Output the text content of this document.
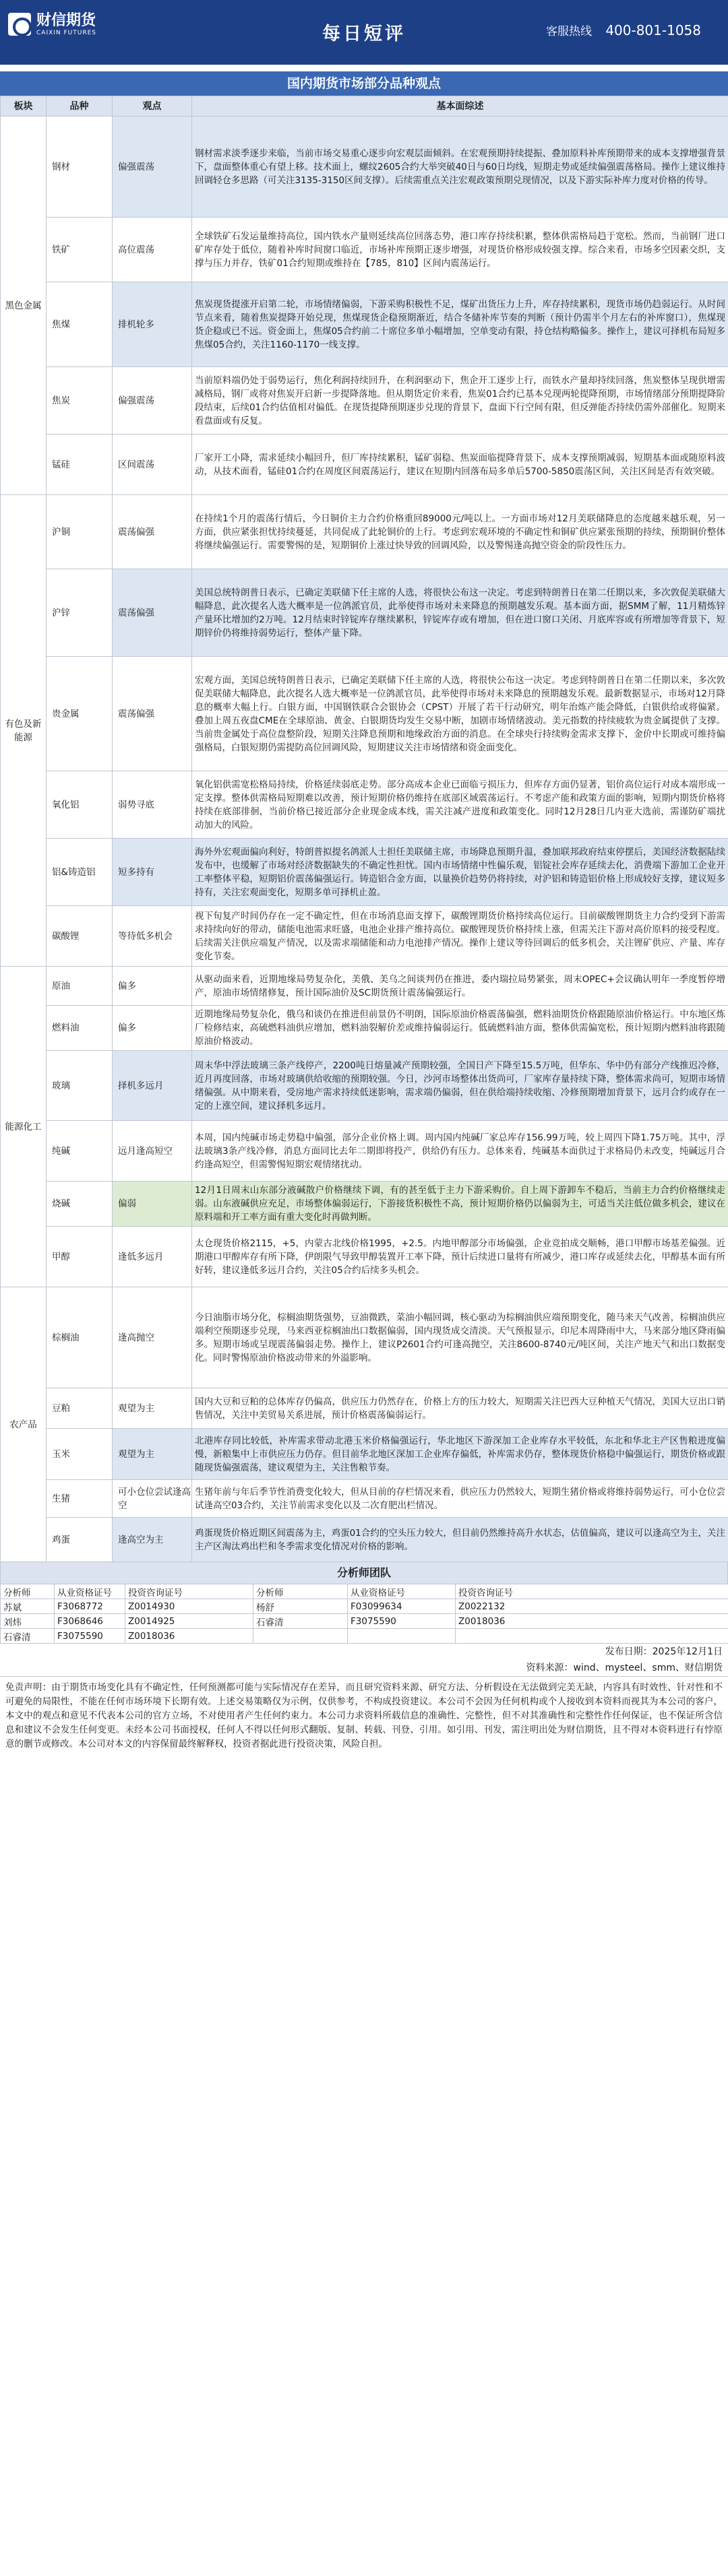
财信期货
CAIXIN FUTURES	每日短评	客服热线 400-801-1058
国内期货市场部分品种观点
板块	品种	观点	基本面综述
黑色金属	钢材	偏强震荡	钢材需求淡季逐步来临，当前市场交易重心逐步向宏观层面倾斜。在宏观预期持续提振、叠加原料补库预期带来的成本支撑增强背景下，盘面整体重心有望上移。技术面上，螺纹2605合约大举突破40日与60日均线，短期走势或延续偏强震荡格局。操作上建议维持回调轻仓多思路（可关注3135-3150区间支撑）。后续需重点关注宏观政策预期兑现情况，以及下游实际补库力度对价格的传导。
	铁矿	高位震荡	全球铁矿石发运量维持高位，国内铁水产量则延续高位回落态势，港口库存持续积累，整体供需格局趋于宽松。然而，当前钢厂进口矿库存处于低位，随着补库时间窗口临近，市场补库预期正逐步增强，对现货价格形成较强支撑。综合来看，市场多空因素交织，支撑与压力并存，铁矿01合约短期或维持在【785，810】区间内震荡运行。
	焦煤	排机轮多	焦炭现货提涨开启第二轮，市场情绪偏弱，下游采购积极性不足，煤矿出货压力上升，库存持续累积，现货市场仍趋弱运行。从时间节点来看，随着焦炭提降开始兑现，焦煤现货企稳预期渐近，结合冬储补库节奏的判断（预计仍需半个月左右的补库窗口），焦煤现货企稳或已不远。资金面上，焦煤05合约前二十席位多单小幅增加，空单变动有限，持仓结构略偏多。操作上，建议可择机布局短多焦煤05合约，关注1160-1170一线支撑。
	焦炭	偏强震荡	当前原料端仍处于弱势运行，焦化利润持续回升，在利润驱动下，焦企开工逐步上行，而铁水产量却持续回落，焦炭整体呈现供增需减格局，钢厂或将对焦炭开启新一步提降落地。但从期货定价来看，焦炭01合约已基本兑现两轮提降预期，市场情绪部分预期提降阶段结束，后续01合约估值相对偏低。在现货提降预期逐步兑现的背景下，盘面下行空间有限，但反弹能否持续仍需外部催化。短期来看盘面或有反复。
	锰硅	区间震荡	厂家开工小降，需求延续小幅回升，但厂库持续累积，锰矿弱稳、焦炭面临提降背景下，成本支撑预期减弱，短期基本面或随原料波动，从技术面看，锰硅01合约在周度区间震荡运行，建议在短期内回落布局多单后5700-5850震荡区间，关注区间是否有效突破。
有色及新能源	沪铜	震荡偏强	在持续1个月的震荡行情后，今日铜价主力合约价格重回89000元/吨以上。一方面市场对12月美联储降息的态度越来越乐观，另一方面，供应紧张担忧持续蔓延，共同促成了此轮铜价的上行。考虑到宏观环境的不确定性和铜矿供应紧张预期的持续，预期铜价整体将继续偏强运行。需要警惕的是，短期铜价上涨过快导致的回调风险，以及警惕逢高抛空资金的阶段性压力。
	沪锌	震荡偏强	美国总统特朗普日表示，已确定美联储下任主席的人选，将很快公布这一决定。考虑到特朗普日在第二任期以来，多次敦促美联储大幅降息，此次提名人选大概率是一位鸽派官员，此举使得市场对未来降息的预期越发乐观。基本面方面，据SMM了解，11月精炼锌产量环比增加约2万吨。12月结束时锌锭库存继续累积，锌锭库存或有增加，但在进口窗口关闭、月底库容或有所增加等背景下，短期锌价仍将维持弱势运行，整体产量下降。
	贵金属	震荡偏强	宏观方面，美国总统特朗普日表示，已确定美联储下任主席的人选，将很快公布这一决定。考虑到特朗普日在第二任期以来，多次敦促美联储大幅降息，此次提名人选大概率是一位鸽派官员，此举使得市场对未来降息的预期越发乐观。最新数据显示，市场对12月降息的概率大幅上行。白银方面，中国钢铁联合会银协会（CPST）开展了若干行动研究，明年治炼产能会降低，白银供给或将偏紧。叠加上周五夜盘CME在全球原油、黄金、白银期货均发生交易中断，加剧市场情绪波动。美元指数的持续疲软为贵金属提供了支撑。当前贵金属处于高位盘整阶段，短期关注降息预期和地缘政治方面的消息。在全球央行持续购金需求支撑下，金价中长期或可维持偏强格局，白银短期仍需提防高位回调风险，短期建议关注市场情绪和资金面变化。
	氧化铝	弱势寻底	氧化铝供需宽松格局持续，价格延续弱底走势。部分高成本企业已面临亏损压力，但库存方面仍显著，铝价高位运行对成本端形成一定支撑。整体供需格局短期难以改善，预计短期价格仍维持在底部区域震荡运行。不考虑产能和政策方面的影响，短期内期货价格将持续在底部徘徊，当前价格已接近部分企业现金成本线，需关注减产进度和政策变化。同时12月28日几内亚大选前，需谨防矿端扰动加大的风险。
	铝&铸造铝	短多持有	海外外宏观面偏向利好，特朗普拟提名鸽派人士担任美联储主席，市场降息预期升温，叠加联邦政府结束停摆后，美国经济数据陆续发布中，也缓解了市场对经济数据缺失的不确定性担忧。国内市场情绪中性偏乐观，铝锭社会库存延续去化，消费端下游加工企业开工率整体平稳，短期铝价震荡偏强运行。铸造铝合金方面，以量换价趋势仍将持续，对沪铝和铸造铝价格上形成较好支撑，建议短多持有，关注宏观面变化，短期多单可择机止盈。
	碳酸锂	等待低多机会	视下旬复产时间仍存在一定不确定性，但在市场消息面支撑下，碳酸锂期货价格持续高位运行。目前碳酸锂期货主力合约受到下游需求持续向好的带动，储能电池需求旺盛，电池企业排产维持高位。碳酸锂现货价格持续上涨，但需关注下游对高价原料的接受程度。后续需关注供应端复产情况，以及需求端储能和动力电池排产情况。操作上建议等待回调后的低多机会，关注锂矿供应、产量、库存变化节奏。
能源化工	原油	偏多	从驱动面来看，近期地缘局势复杂化，美俄、美乌之间谈判仍在推进，委内瑞拉局势紧张，周末OPEC+会议确认明年一季度暂停增产，原油市场情绪修复，预计国际油价及SC期货预计震荡偏强运行。
	燃料油	偏多	近期地缘局势复杂化，俄乌和谈仍在推进但前景仍不明朗，国际原油价格震荡偏强，燃料油期货价格跟随原油价格运行。中东地区炼厂检修结束，高硫燃料油供应增加，燃料油裂解价差或维持偏弱运行。低硫燃料油方面，整体供需偏宽松，预计短期内燃料油将跟随原油价格波动。
	玻璃	择机多远月	周末华中浮法玻璃三条产线停产，2200吨日熔量减产预期较强，全国日产下降至15.5万吨，但华东、华中仍有部分产线推迟冷修，近月再度回落，市场对玻璃供给收缩的预期较强。今日，沙河市场整体出货尚可，厂家库存量持续下降，整体需求尚可，短期市场情绪偏强。从中期来看，受房地产需求持续低迷影响，需求端仍偏弱，但在供给端持续收缩、冷修预期增加背景下，远月合约或存在一定的上涨空间，建议择机多远月。
	纯碱	远月逢高短空	本周，国内纯碱市场走势稳中偏强，部分企业价格上调。周内国内纯碱厂家总库存156.99万吨，较上周四下降1.75万吨。其中，浮法玻璃3条产线冷修，消息方面同比去年二期即将投产，供给仍有压力。总体来看，纯碱基本面供过于求格局仍未改变，纯碱远月合约逢高短空，但需警惕短期宏观情绪扰动。
	烧碱	偏弱	12月1日周末山东部分液碱散户价格继续下调，有的甚至低于主力下游采购价。自上周下游卸车不稳后，当前主力合约价格继续走弱。山东液碱供应充足，市场整体偏弱运行，下游接货积极性不高，预计短期价格仍以偏弱为主，可适当关注低位做多机会，建议在原料端和开工率方面有重大变化时再做判断。
	甲醇	逢低多远月	太仓现货价格2115，+5，内蒙古北线价格1995，+2.5。内地甲醇部分市场偏强，企业竞拍成交顺畅，港口甲醇市场基差偏强。近期港口甲醇库存有所下降，伊朗限气导致甲醇装置开工率下降，预计后续进口量将有所减少，港口库存或延续去化，甲醇基本面有所好转，建议逢低多远月合约，关注05合约后续多头机会。
农产品	棕榈油	逢高抛空	今日油脂市场分化，棕榈油期货强势，豆油微跌，菜油小幅回调，核心驱动为棕榈油供应端预期变化，随马来天气改善，棕榈油供应端利空预期逐步兑现，马来西亚棕榈油出口数据偏弱，国内现货成交清淡。天气预报显示，印尼本周降雨中大，马来部分地区降雨偏多。短期市场或呈现震荡偏弱走势。操作上，建议P2601合约可逢高抛空，关注8600-8740元/吨区间，关注产地天气和出口数据变化。同时警惕原油价格波动带来的外溢影响。
	豆粕	观望为主	国内大豆和豆粕的总体库存仍偏高，供应压力仍然存在，价格上方的压力较大，短期需关注巴西大豆种植天气情况，美国大豆出口销售情况，关注中美贸易关系进展，预计价格震荡偏弱运行。
	玉米	观望为主	北港库存同比较低，补库需求带动北港玉米价格偏强运行，华北地区下游深加工企业库存水平较低，东北和华北主产区售粮进度偏慢，新粮集中上市供应压力仍存。但目前华北地区深加工企业库存偏低，补库需求仍存，整体现货价格稳中偏强运行，期货价格或跟随现货偏强震荡，建议观望为主，关注售粮节奏。
	生猪	可小仓位尝试逢高空	生猪年前与年后季节性消费变化较大，但从目前的存栏情况来看，供应压力仍然较大，短期生猪价格或将维持弱势运行，可小仓位尝试逢高空03合约，关注节前需求变化以及二次育肥出栏情况。
	鸡蛋	逢高空为主	鸡蛋现货价格近期区间震荡为主，鸡蛋01合约的空头压力较大，但目前仍然维持高升水状态，估值偏高，建议可以逢高空为主，关注主产区淘汰鸡出栏和冬季需求变化情况对价格的影响。
分析师团队
分析师	从业资格证号	投资咨询证号	分析师	从业资格证号	投资咨询证号
苏斌	F3068772	Z0014930	杨舒	F03099634	Z0022132
刘炜	F3068646	Z0014925	石睿清	F3075590	Z0018036
石睿清	F3075590	Z0018036			
发布日期：2025年12月1日
资料来源：wind、mysteel、smm、财信期货
免责声明：由于期货市场变化具有不确定性，任何预测都可能与实际情况存在差异，而且研究资料来源、研究方法、分析假设在无法做到完美无缺，内容具有时效性、针对性和不可避免的局限性，不能在任何市场环境下长期有效。上述交易策略仅为示例，仅供参考，不构成投资建议。本公司不会因为任何机构或个人接收到本资料而视其为本公司的客户，本文中的观点和意见不代表本公司的官方立场，不对使用者产生任何约束力。本公司力求资料所载信息的准确性、完整性，但不对其准确性和完整性作任何保证，也不保证所含信息和建议不会发生任何变更。未经本公司书面授权，任何人不得以任何形式翻版、复制、转载、刊登、引用。如引用、刊发，需注明出处为财信期货，且不得对本资料进行有悖原意的删节或修改。本公司对本文的内容保留最终解释权，投资者据此进行投资决策，风险自担。
